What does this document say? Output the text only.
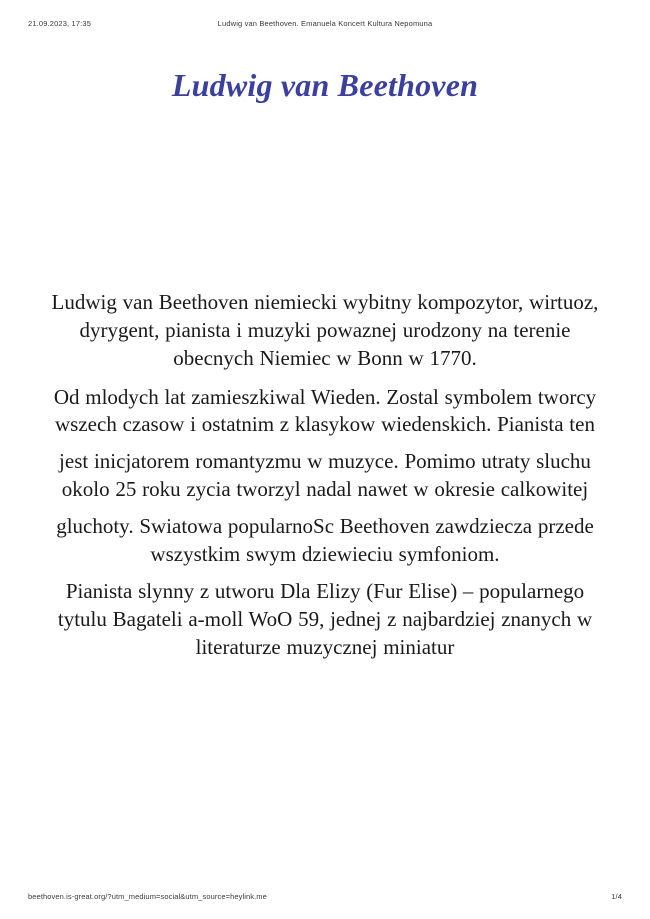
21.09.2023, 17:35	Ludwig van Beethoven. Emanuela Koncert Kultura Nepomuna
Ludwig van Beethoven

Ludwig van Beethoven niemiecki wybitny kompozytor, wirtuoz, dyrygent, pianista i muzyki powaznej urodzony na terenie obecnych Niemiec w Bonn w 1770.

Od mlodych lat zamieszkiwal Wieden. Zostal symbolem tworcy wszech czasow i ostatnim z klasykow wiedenskich. Pianista ten

jest inicjatorem romantyzmu w muzyce. Pomimo utraty sluchu okolo 25 roku zycia tworzyl nadal nawet w okresie calkowitej

gluchoty. Swiatowa popularnoSc Beethoven zawdziecza przede wszystkim swym dziewieciu symfoniom.

Pianista slynny z utworu Dla Elizy (Fur Elise) – popularnego tytulu Bagateli a-moll WoO 59, jednej z najbardziej znanych w literaturze muzycznej miniatur

beethoven.is-great.org/?utm_medium=social&utm_source=heylink.me	1/4
